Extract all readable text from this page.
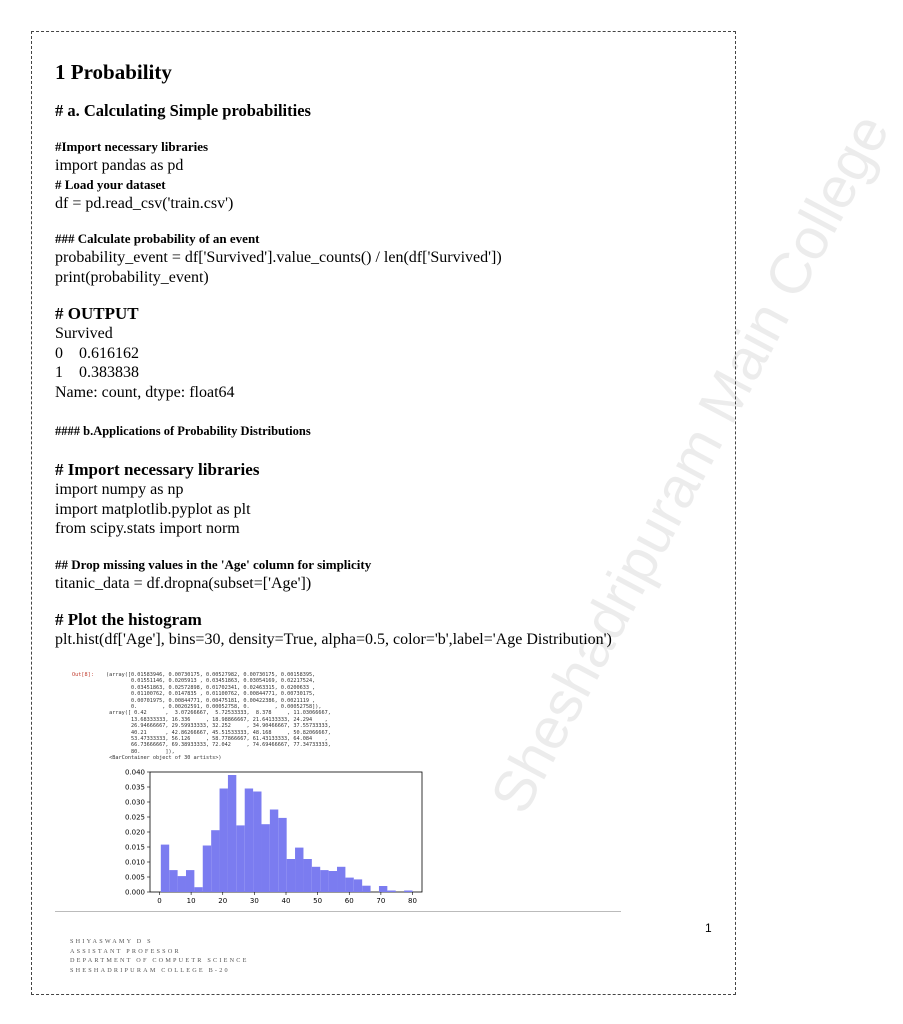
Sheshadripuram Main College
1 Probability
# a. Calculating Simple probabilities
#Import necessary libraries
import pandas as pd
# Load your dataset
df = pd.read_csv('train.csv')
### Calculate probability of an event
probability_event = df['Survived'].value_counts() / len(df['Survived'])
print(probability_event)
# OUTPUT
Survived
0    0.616162
1    0.383838
Name: count, dtype: float64
#### b.Applications of Probability Distributions
# Import necessary libraries
import numpy as np
import matplotlib.pyplot as plt
from scipy.stats import norm
## Drop missing values in the 'Age' column for simplicity
titanic_data = df.dropna(subset=['Age'])
# Plot the histogram
plt.hist(df['Age'], bins=30, density=True, alpha=0.5, color='b',label='Age Distribution')
Out[8]: (array([0.01583946, 0.00730175, 0.00527982, 0.00730175, 0.00158395,
0.01551146, 0.0205913 , 0.03451863, 0.03054169, 0.02217524,
0.03451863, 0.02572898, 0.01702341, 0.02463315, 0.0200633 ,
0.01100762, 0.0147835 , 0.01100762, 0.00844771, 0.00730175,
0.00701975, 0.00844771, 0.00475181, 0.00422386, 0.0021119 ,
0.        , 0.00202591, 0.00052758, 0.        , 0.00052758]),
array([ 0.42      ,  3.07266667,  5.72533333,  8.378     , 11.03066667,
13.68333333, 16.336     , 18.98866667, 21.64133333, 24.294    ,
26.94666667, 29.59933333, 32.252     , 34.90466667, 37.55733333,
40.21      , 42.86266667, 45.51533333, 48.168     , 50.82066667,
53.47333333, 56.126     , 58.77866667, 61.43133333, 64.084    ,
66.73666667, 69.38933333, 72.042     , 74.69466667, 77.34733333,
80.        ]),
<BarContainer object of 30 artists>)
0.000
0.005
0.010
0.015
0.020
0.025
0.030
0.035
0.040
0	10	20	30	40	50	60	70	80
1
SHIYASWAMY D S
ASSISTANT PROFESSOR
DEPARTMENT OF COMPUETR SCIENCE
SHESHADRIPURAM COLLEGE B-20
